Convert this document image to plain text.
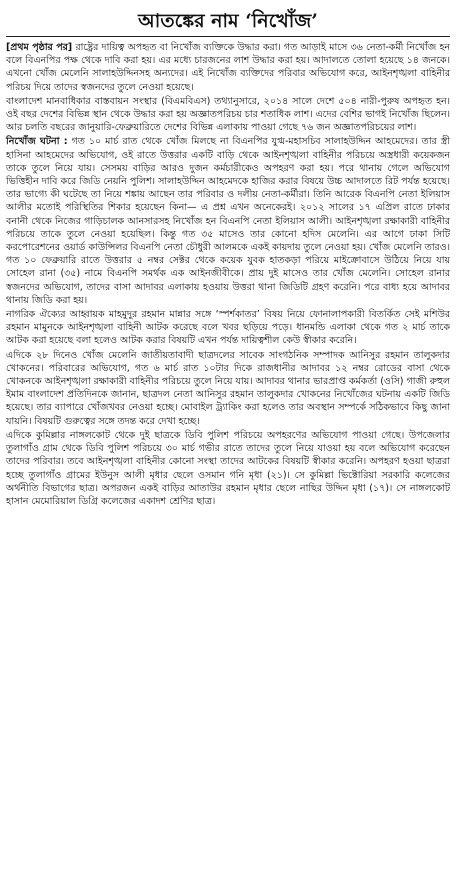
আতঙ্কের নাম ‘নিখোঁজ’

[প্রথম পৃষ্ঠার পর] রাষ্ট্রের দায়িত্ব অপহৃত বা নিখোঁজ ব্যক্তিকে উদ্ধার করা। গত আড়াই মাসে ৩৬ নেতা-কর্মী নিখোঁজ হন বলে বিএনপির পক্ষ থেকে দাবি করা হয়। এর মধ্যে চারজনের লাশ উদ্ধার করা হয়। আদালতে তোলা হয়েছে ১৪ জনকে। এখনো খোঁজ মেলেনি সালাহউদ্দিনসহ অন্যদের। এই নিখোঁজ ব্যক্তিদের পরিবার অভিযোগ করে, আইনশৃঙ্খলা বাহিনীর পরিচয় দিয়ে তাদের স্বজনদের তুলে নেওয়া হয়েছে।

বাংলাদেশ মানবাধিকার বাস্তবায়ন সংস্থার (বিএমবিএস) তথ্যানুসারে, ২০১৪ সালে দেশে ৫০৪ নারী-পুরুষ অপহৃত হন। ওই বছর দেশের বিভিন্ন স্থান থেকে উদ্ধার করা হয় অজ্ঞাতপরিচয় চার শতাধিক লাশ। এদের বেশির ভাগই নিখোঁজ ছিলেন। আর চলতি বছরের জানুয়ারি-ফেব্রুয়ারিতে দেশের বিভিন্ন এলাকায় পাওয়া গেছে ৭৬ জন অজ্ঞাতপরিচয়ের লাশ।

নিখোঁজ ঘটনা : গত ১০ মার্চ রাত থেকে খোঁজ মিলছে না বিএনপির যুগ্ম-মহাসচিব সালাহউদ্দিন আহমেদের। তার স্ত্রী হাসিনা আহমেদের অভিযোগ, ওই রাতে উত্তরার একটি বাড়ি থেকে আইনশৃঙ্খলা বাহিনীর পরিচয়ে অস্ত্রধারী কয়েকজন তাকে তুলে নিয়ে যায়। সেসময় বাড়ির আরও দুজন কর্মচারীকেও অপহরণ করা হয়। পরে থানায় গেলে অভিযোগ ভিত্তিহীন দাবি করে জিডি নেয়নি পুলিশ। সালাহউদ্দিন আহমেদকে হাজির করার বিষয়ে উচ্চ আদালতে রিট পর্যন্ত হয়েছে। তার ভাগ্যে কী ঘটেছে তা নিয়ে শঙ্কায় আছেন তার পরিবার ও দলীয় নেতা-কর্মীরা। তিনি আরেক বিএনপি নেতা ইলিয়াস আলীর মতোই পরিস্থিতির শিকার হয়েছেন কিনা— এ প্রশ্ন এখন অনেকেরই। ২০১২ সালের ১৭ এপ্রিল রাতে ঢাকার বনানী থেকে নিজের গাড়িচালক আনসারসহ নিখোঁজ হন বিএনপি নেতা ইলিয়াস আলী। আইনশৃঙ্খলা রক্ষাকারী বাহিনীর পরিচয়ে তাকে তুলে নেওয়া হয়েছিল। কিন্তু গত ৩৫ মাসেও তার কোনো হদিস মেলেনি। এর আগে ঢাকা সিটি করপোরেশনের ওয়ার্ড কাউন্সিলর বিএনপি নেতা চৌধুরী আলমকে একই কায়দায় তুলে নেওয়া হয়। খোঁজ মেলেনি তারও। গত ১০ ফেব্রুয়ারি রাতে উত্তরার ৫ নম্বর সেক্টর থেকে কয়েক যুবক হাতকড়া পরিয়ে মাইক্রোবাসে উঠিয়ে নিয়ে যায় সোহেল রানা (৩৫) নামে বিএনপি সমর্থক এক আইনজীবীকে। প্রায় দুই মাসেও তার খোঁজ মেলেনি। সোহেল রানার স্বজনদের অভিযোগ, তাদের বাসা আদাবর এলাকায় হওয়ায় উত্তরা থানা জিডিটি গ্রহণ করেনি। পরে বাধ্য হয়ে আদাবর থানায় জিডি করা হয়।

নাগরিক ঐক্যের আহ্বায়ক মাহমুদুর রহমান মান্নার সঙ্গে ‘স্পর্শকাতর’ বিষয় নিয়ে ফোনালাপকারী বিতর্কিত সেই মশিউর রহমান মামুনকে আইনশৃঙ্খলা বাহিনী আটক করেছে বলে খবর ছড়িয়ে পড়ে। ধানমন্ডি এলাকা থেকে গত ২ মার্চ তাকে আটক করা হয়েছে বলা হলেও আটক করার বিষয়টি এখন পর্যন্ত দায়িত্বশীল কেউ স্বীকার করেনি।

এদিকে ২৮ দিনেও খোঁজ মেলেনি জাতীয়তাবাদী ছাত্রদলের সাবেক সাংগঠনিক সম্পাদক আনিসুর রহমান তালুকদার খোকনের। পরিবারের অভিযোগ, গত ৬ মার্চ রাত ১০টার দিকে রাজধানীর আদাবর ১২ নম্বর রোডের বাসা থেকে খোকনকে আইনশৃঙ্খলা রক্ষাকারী বাহিনীর পরিচয়ে তুলে নিয়ে যায়। আদাবর থানার ভারপ্রাপ্ত কর্মকর্তা (ওসি) গাজী রুহুল ইমাম বাংলাদেশ প্রতিদিনকে জানান, ছাত্রদল নেতা আনিসুর রহমান তালুকদার খোকনের নিখোঁজের ঘটনায় একটি জিডি হয়েছে। তার ব্যাপারে খোঁজখবর নেওয়া হচ্ছে। মোবাইল ট্র্যাকিং করা হলেও তার অবস্থান সম্পর্কে সঠিকভাবে কিছু জানা যায়নি। বিষয়টি গুরুত্বের সঙ্গে তদন্ত করে দেখা হচ্ছে।

এদিকে কুমিল্লার নাঙ্গলকোট থেকে দুই ছাত্রকে ডিবি পুলিশ পরিচয়ে অপহরণের অভিযোগ পাওয়া গেছে। উপজেলার তুলাগাঁও গ্রাম থেকে ডিবি পুলিশ পরিচয়ে ৩০ মার্চ গভীর রাতে তাদের তুলে নিয়ে যাওয়া হয় বলে অভিযোগ করেছেন তাদের পরিবার। তবে আইনশৃঙ্খলা বাহিনীর কোনো সংস্থা তাদের আটকের বিষয়টি স্বীকার করেনি। অপহরণ হওয়া ছাত্ররা হচ্ছে তুলাগাঁও গ্রামের ইউনুস আলী মৃধার ছেলে ওসমান গনি মৃধা (২১)। সে কুমিল্লা ভিক্টোরিয়া সরকারি কলেজের অর্থনীতি বিভাগের ছাত্র। অপরজন একই বাড়ির আতাউর রহমান মৃধার ছেলে নাছির উদ্দিন মৃধা (১৭)। সে নাঙ্গলকোট হাসান মেমোরিয়াল ডিগ্রি কলেজের একাদশ শ্রেণির ছাত্র।
